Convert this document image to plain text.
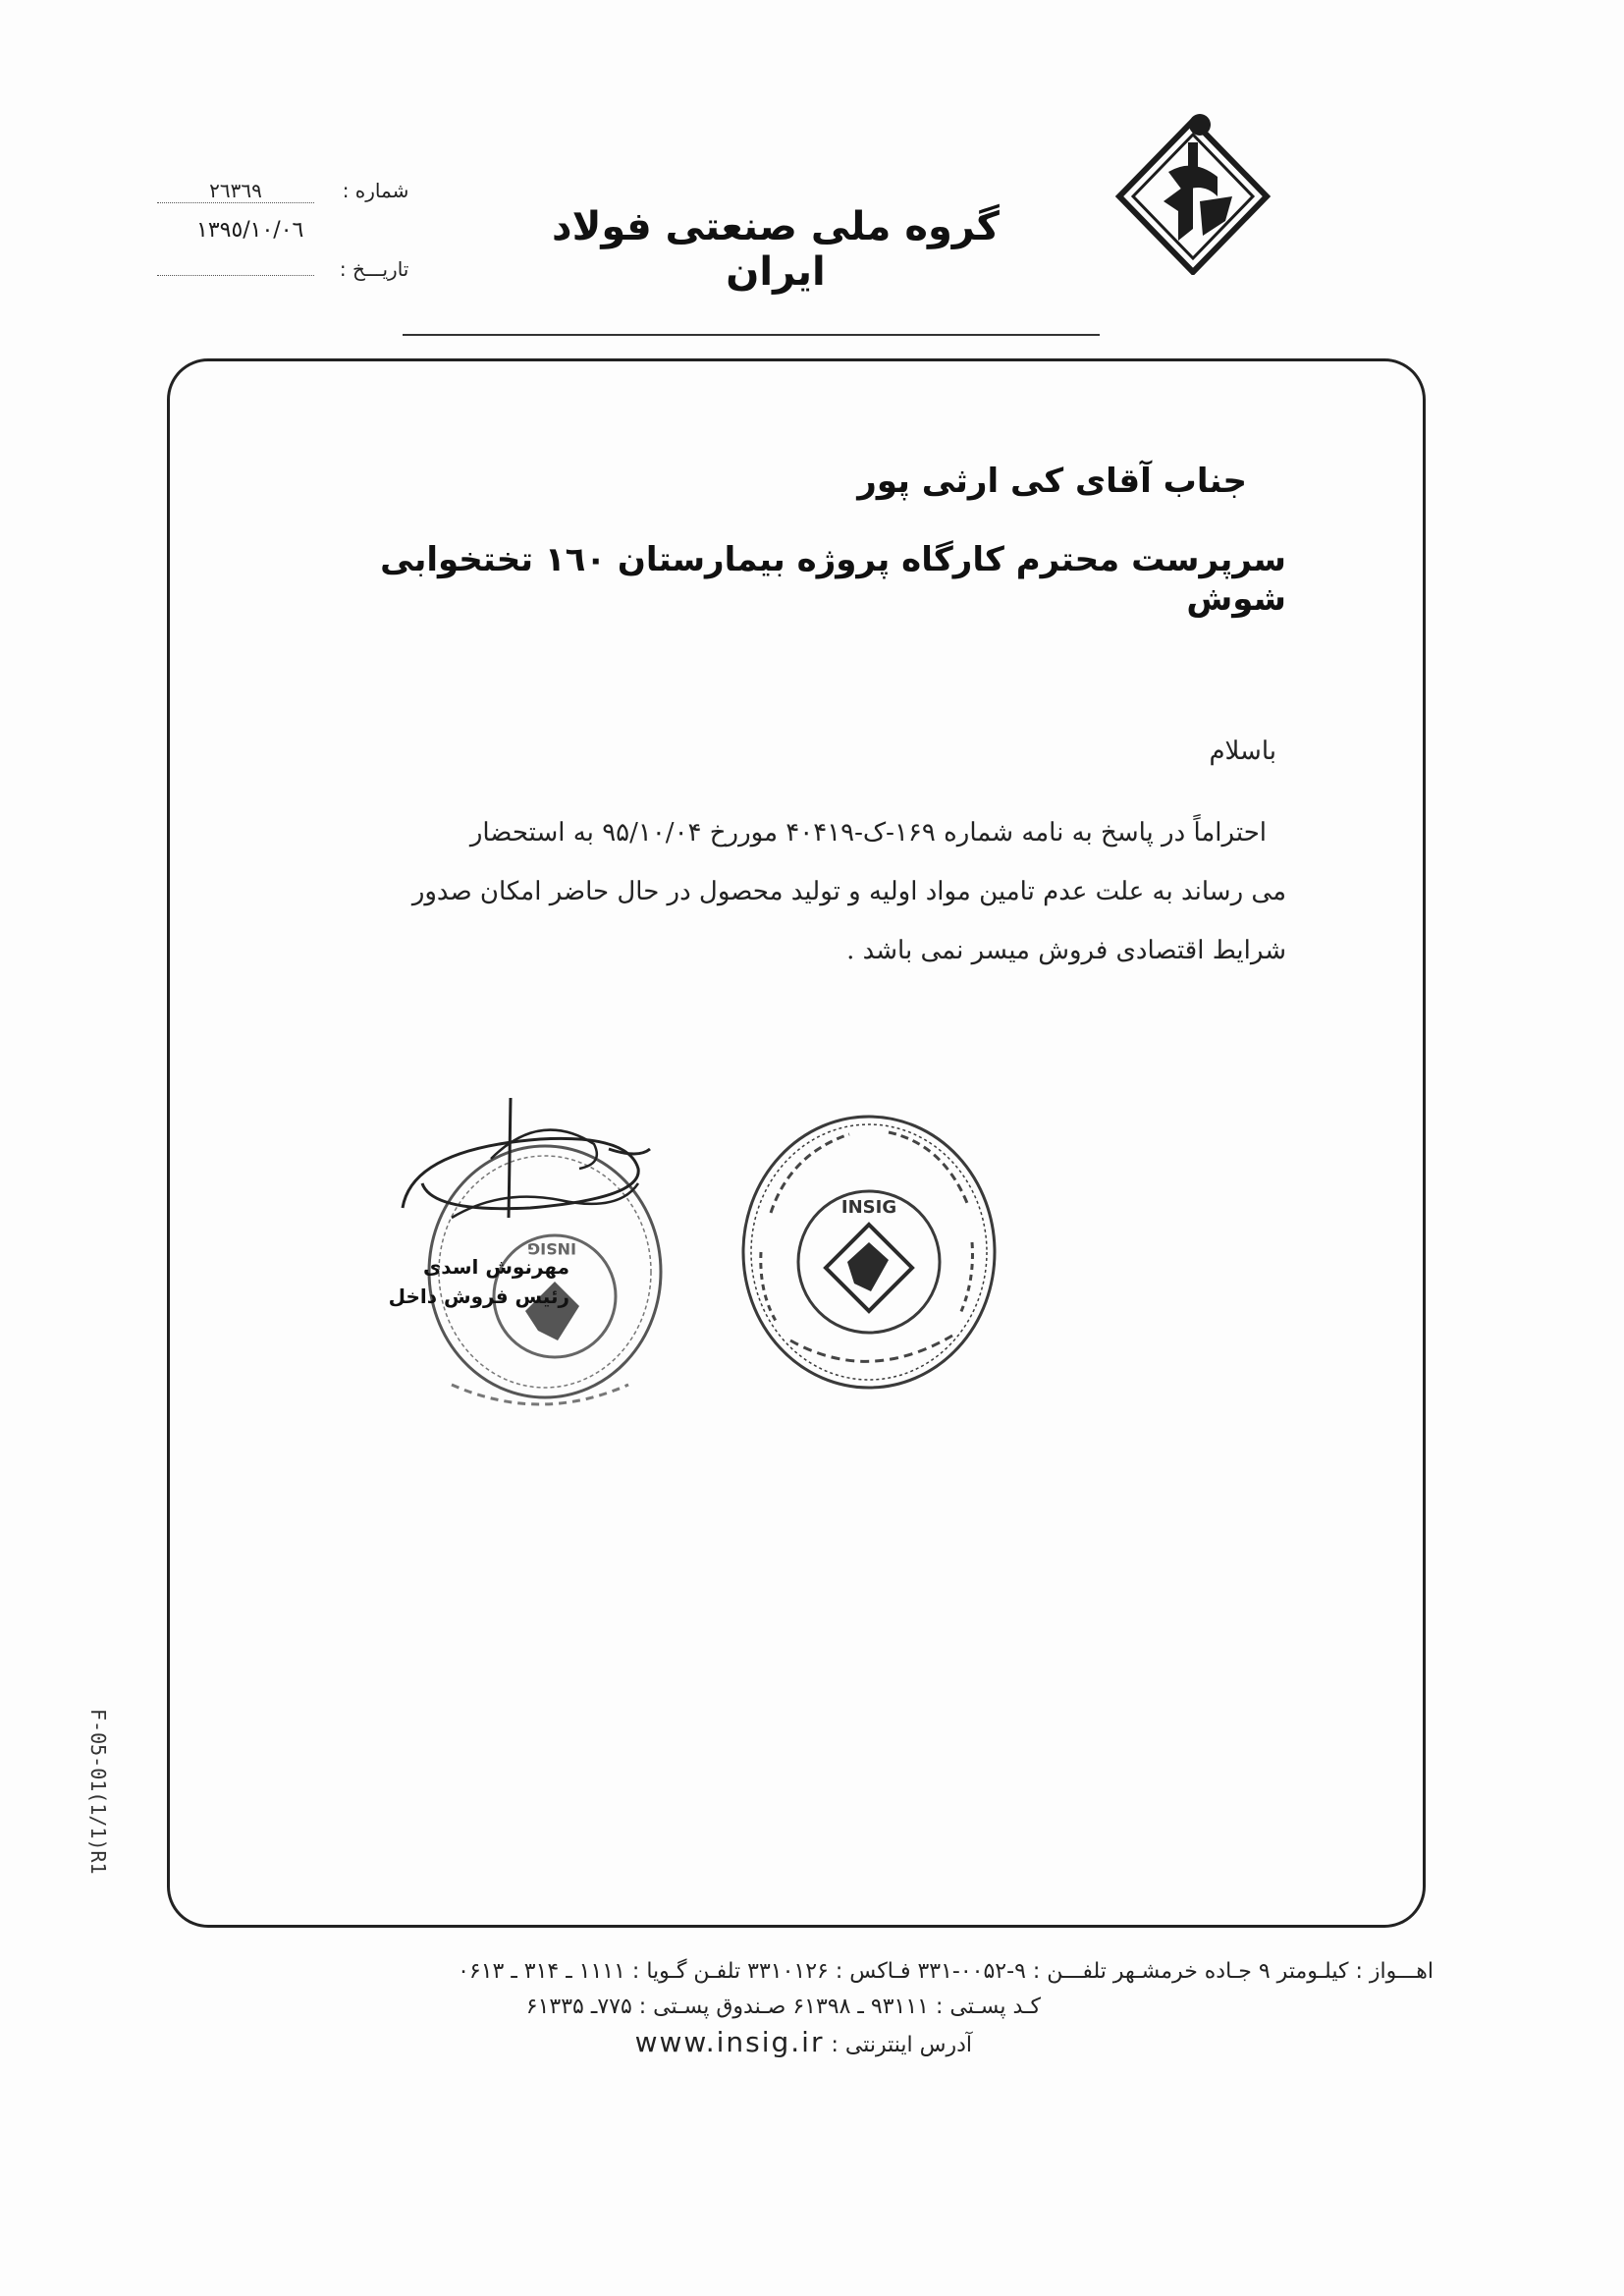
گروه ملی صنعتی فولاد ایران
شماره : ٢٦٣٦٩
١٣٩٥/١٠/٠٦
تاریـــخ :
جناب آقای کی ارثی پور
سرپرست محترم کارگاه پروژه بیمارستان ١٦٠ تختخوابی شوش
باسلام

احتراماً در پاسخ به نامه شماره ١۶٩-ک-۴٠۴١٩ موررخ ٩۵/١٠/٠۴ به استحضار

می رساند به علت عدم تامین مواد اولیه و تولید محصول در حال حاضر امکان صدور

شرایط اقتصادی فروش میسر نمی باشد .

INSIG
INSIG
مهرنوش اسدی
رئیس فروش داخل
F-05-01(1/1)R1
اهـــواز : کیلـومتر ٩ جـاده خرمشـهر تلفـــن : ٩-٠٠۵٢-٣٣١ فـاکس : ٣٣١٠١٢۶ تلفـن گـویا : ١١١١ ـ ٣١۴ ـ ٠۶١٣
کـد پسـتی : ٩٣١١١ ـ ۶١٣٩٨ صـندوق پسـتی : ٧٧۵ـ ۶١٣٣۵
آدرس اینترنتی : www.insig.ir
